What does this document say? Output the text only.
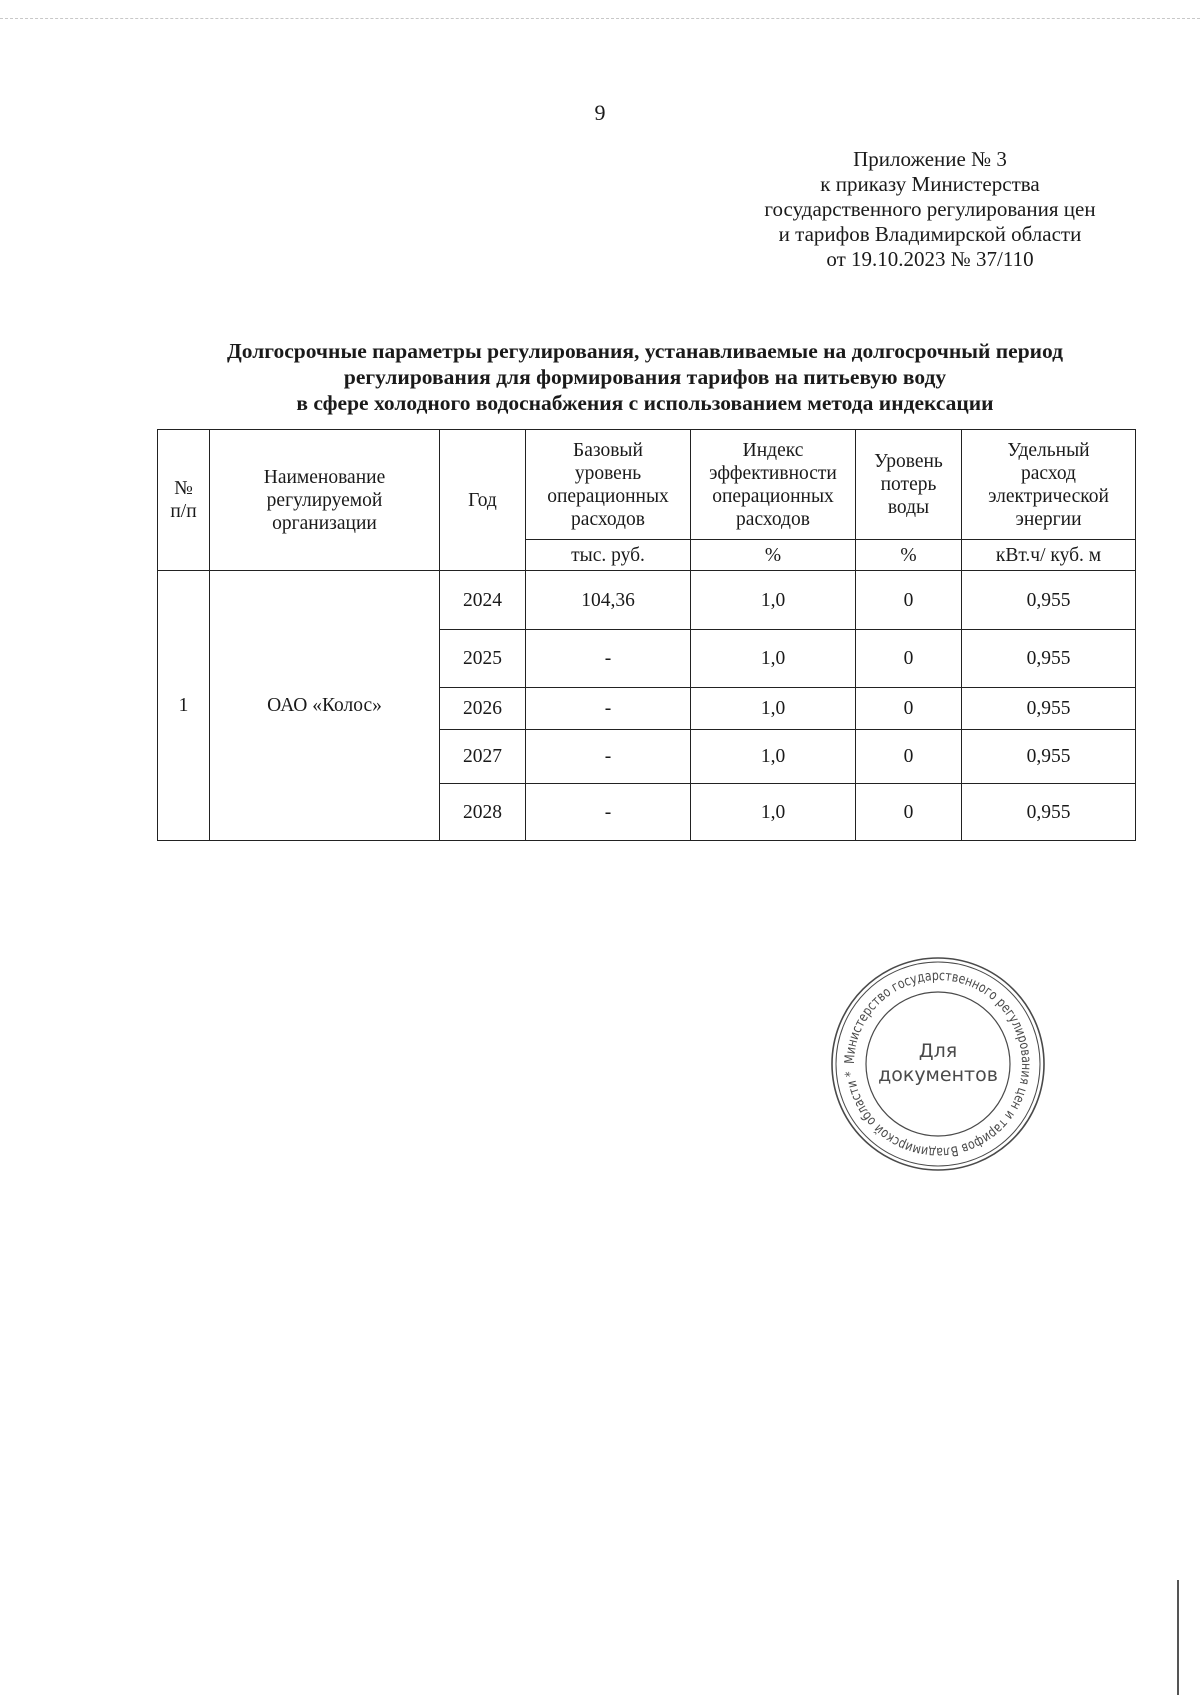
9
Приложение № 3
к приказу Министерства
государственного регулирования цен
и тарифов Владимирской области
от 19.10.2023 № 37/110
Долгосрочные параметры регулирования, устанавливаемые на долгосрочный период
регулирования для формирования тарифов на питьевую воду
в сфере холодного водоснабжения с использованием метода индексации
№
п/п	Наименование
регулируемой
организации	Год	Базовый
уровень
операционных
расходов	Индекс
эффективности
операционных
расходов	Уровень
потерь
воды	Удельный
расход
электрической
энергии

			тыс. руб.	%	%	кВт.ч/ куб. м
1	ОАО «Колос»	2024	104,36	1,0	0	0,955
		2025	-	1,0	0	0,955
		2026	-	1,0	0	0,955
		2027	-	1,0	0	0,955
		2028	-	1,0	0	0,955
Министерство государственного регулирования цен и тарифов Владимирской области *
Для
документов
